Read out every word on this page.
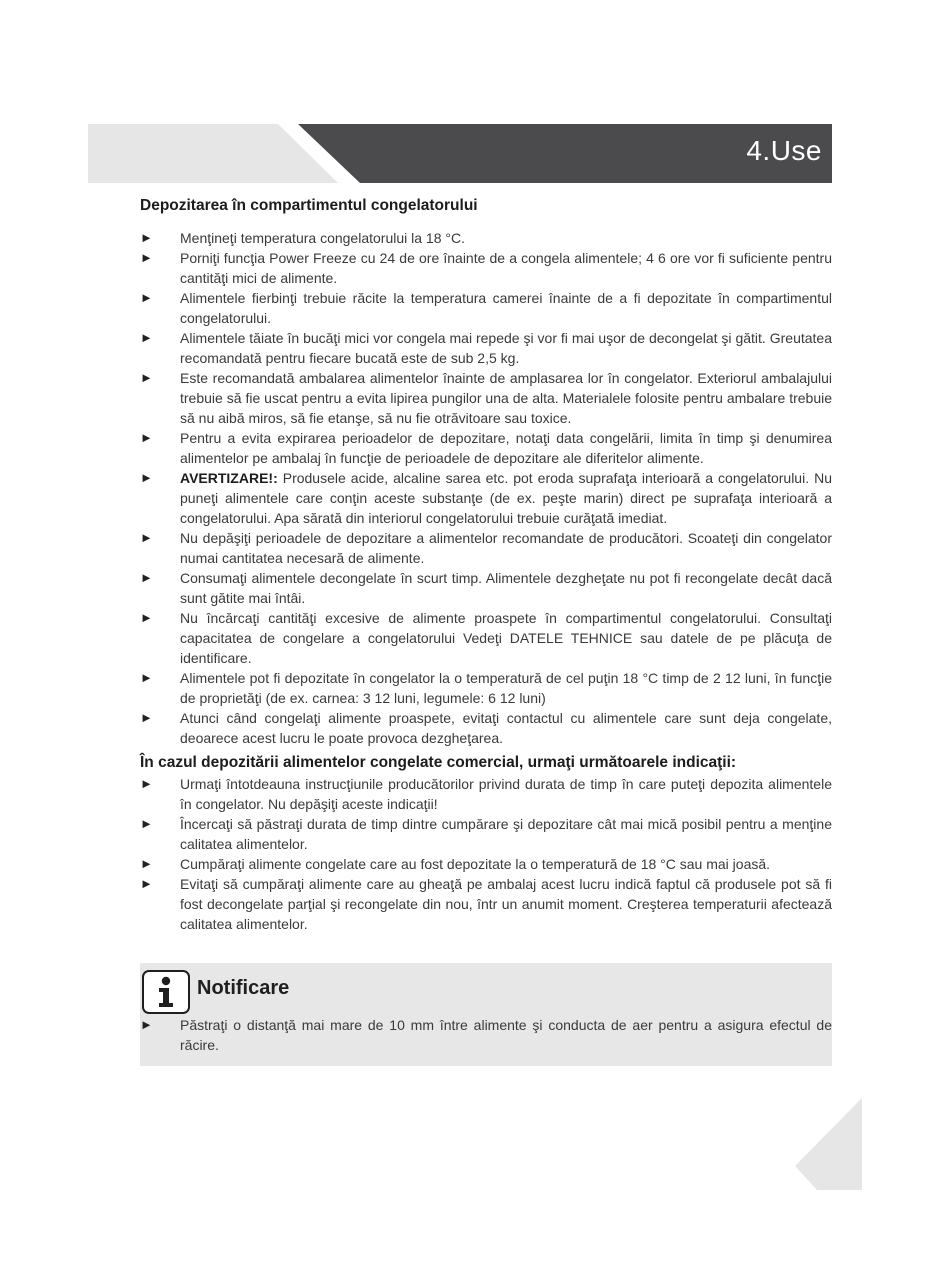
4.Use
Depozitarea în compartimentul congelatorului
► Menţineţi temperatura congelatorului la 18 °C.
► Porniţi funcţia Power Freeze cu 24 de ore înainte de a congela alimentele; 4 6 ore vor fi suficiente pentru cantităţi mici de alimente.
► Alimentele fierbinţi trebuie răcite la temperatura camerei înainte de a fi depozitate în compartimentul congelatorului.
► Alimentele tăiate în bucăţi mici vor congela mai repede şi vor fi mai uşor de decongelat şi gătit. Greutatea recomandată pentru fiecare bucată este de sub 2,5 kg.
► Este recomandată ambalarea alimentelor înainte de amplasarea lor în congelator. Exteriorul ambalajului trebuie să fie uscat pentru a evita lipirea pungilor una de alta. Materialele folosite pentru ambalare trebuie să nu aibă miros, să fie etanşe, să nu fie otrăvitoare sau toxice.
► Pentru a evita expirarea perioadelor de depozitare, notaţi data congelării, limita în timp şi denumirea alimentelor pe ambalaj în funcţie de perioadele de depozitare ale diferitelor alimente.
► AVERTIZARE!: Produsele acide, alcaline sarea etc. pot eroda suprafaţa interioară a congelatorului. Nu puneţi alimentele care conţin aceste substanţe (de ex. peşte marin) direct pe suprafaţa interioară a congelatorului. Apa sărată din interiorul congelatorului trebuie curăţată imediat.
► Nu depăşiţi perioadele de depozitare a alimentelor recomandate de producători. Scoateţi din congelator numai cantitatea necesară de alimente.
► Consumaţi alimentele decongelate în scurt timp. Alimentele dezgheţate nu pot fi recongelate decât dacă sunt gătite mai întâi.
► Nu încărcaţi cantităţi excesive de alimente proaspete în compartimentul congelatorului. Consultaţi capacitatea de congelare a congelatorului Vedeţi DATELE TEHNICE sau datele de pe plăcuţa de identificare.
► Alimentele pot fi depozitate în congelator la o temperatură de cel puţin 18 °C timp de 2 12 luni, în funcţie de proprietăţi (de ex. carnea: 3 12 luni, legumele: 6 12 luni)
► Atunci când congelaţi alimente proaspete, evitaţi contactul cu alimentele care sunt deja congelate, deoarece acest lucru le poate provoca dezgheţarea.
În cazul depozitării alimentelor congelate comercial, urmaţi următoarele indicaţii:
► Urmaţi întotdeauna instrucţiunile producătorilor privind durata de timp în care puteţi depozita alimentele în congelator. Nu depăşiţi aceste indicaţii!
► Încercaţi să păstraţi durata de timp dintre cumpărare şi depozitare cât mai mică posibil pentru a menţine calitatea alimentelor.
► Cumpăraţi alimente congelate care au fost depozitate la o temperatură de 18 °C sau mai joasă.
► Evitaţi să cumpăraţi alimente care au gheaţă pe ambalaj acest lucru indică faptul că produsele pot să fi fost decongelate parţial şi recongelate din nou, într un anumit moment. Creşterea temperaturii afectează calitatea alimentelor.
Notificare
► Păstraţi o distanţă mai mare de 10 mm între alimente şi conducta de aer pentru a asigura efectul de răcire.
